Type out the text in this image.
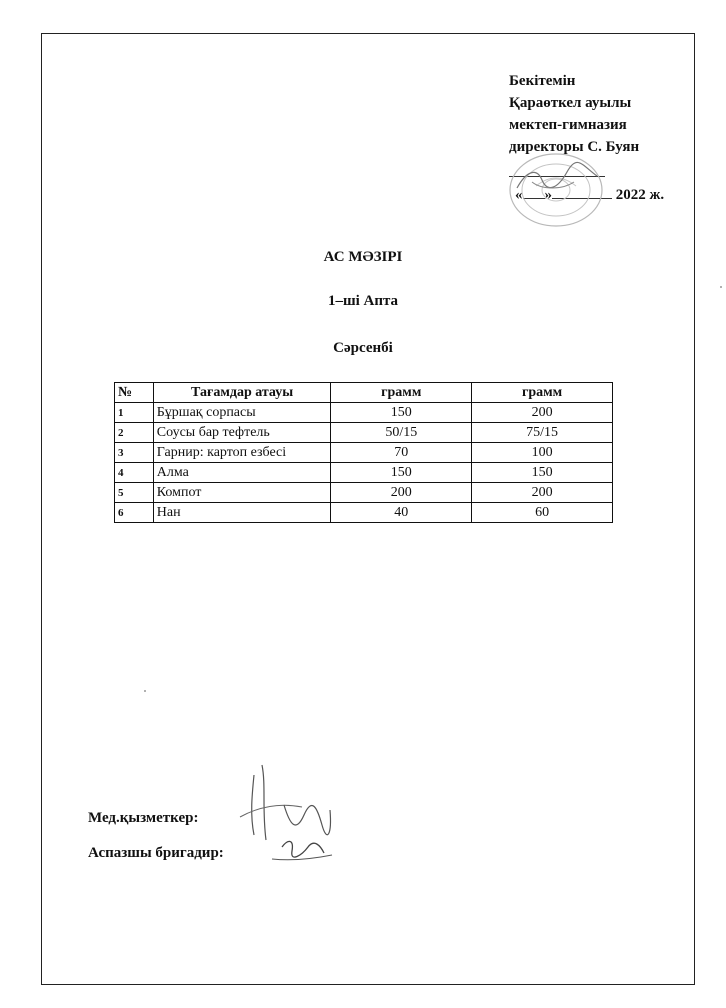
Бекітемін
Қараөткел ауылы
мектеп-гимназия
директоры С. Буян
« »	2022 ж.
АС МӘЗІРІ
1–ші Апта
Сәрсенбі
№	Тағамдар атауы	грамм	грамм
1	Бұршақ сорпасы	150	200
2	Соусы бар тефтель	50/15	75/15
3	Гарнир: картоп езбесі	70	100
4	Алма	150	150
5	Компот	200	200
6	Нан	40	60
Мед.қызметкер:
Аспазшы бригадир:
